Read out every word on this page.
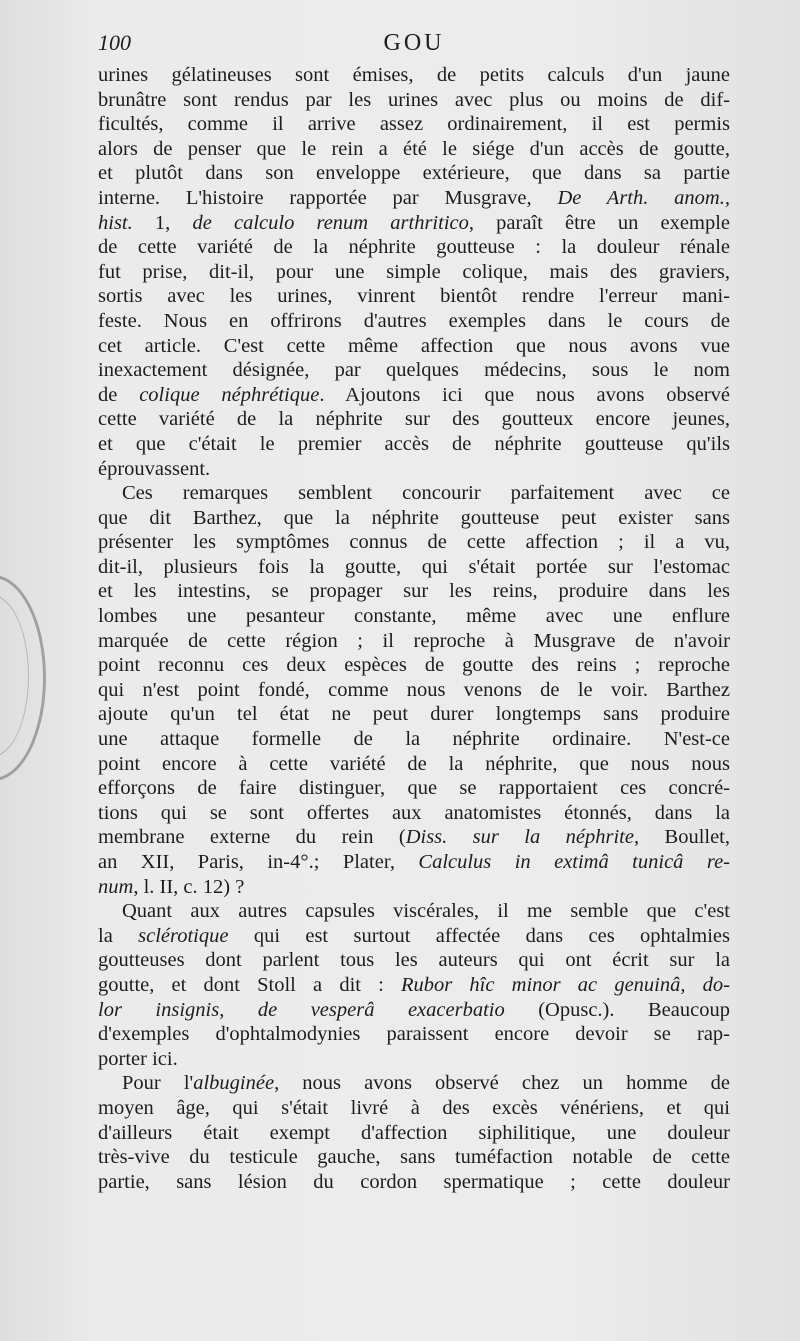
100	GOU
urines gélatineuses sont émises, de petits calculs d'un jaune
brunâtre sont rendus par les urines avec plus ou moins de dif-
ficultés, comme il arrive assez ordinairement, il est permis
alors de penser que le rein a été le siége d'un accès de goutte,
et plutôt dans son enveloppe extérieure, que dans sa partie
interne. L'histoire rapportée par Musgrave, De Arth. anom.,
hist. 1, de calculo renum arthritico, paraît être un exemple
de cette variété de la néphrite goutteuse : la douleur rénale
fut prise, dit-il, pour une simple colique, mais des graviers,
sortis avec les urines, vinrent bientôt rendre l'erreur mani-
feste. Nous en offrirons d'autres exemples dans le cours de
cet article. C'est cette même affection que nous avons vue
inexactement désignée, par quelques médecins, sous le nom
de colique néphrétique. Ajoutons ici que nous avons observé
cette variété de la néphrite sur des goutteux encore jeunes,
et que c'était le premier accès de néphrite goutteuse qu'ils
éprouvassent.
Ces remarques semblent concourir parfaitement avec ce
que dit Barthez, que la néphrite goutteuse peut exister sans
présenter les symptômes connus de cette affection ; il a vu,
dit-il, plusieurs fois la goutte, qui s'était portée sur l'estomac
et les intestins, se propager sur les reins, produire dans les
lombes une pesanteur constante, même avec une enflure
marquée de cette région ; il reproche à Musgrave de n'avoir
point reconnu ces deux espèces de goutte des reins ; reproche
qui n'est point fondé, comme nous venons de le voir. Barthez
ajoute qu'un tel état ne peut durer longtemps sans produire
une attaque formelle de la néphrite ordinaire. N'est-ce
point encore à cette variété de la néphrite, que nous nous
efforçons de faire distinguer, que se rapportaient ces concré-
tions qui se sont offertes aux anatomistes étonnés, dans la
membrane externe du rein (Diss. sur la néphrite, Boullet,
an XII, Paris, in-4°.; Plater, Calculus in extimâ tunicâ re-
num, l. II, c. 12) ?
Quant aux autres capsules viscérales, il me semble que c'est
la sclérotique qui est surtout affectée dans ces ophtalmies
goutteuses dont parlent tous les auteurs qui ont écrit sur la
goutte, et dont Stoll a dit : Rubor hîc minor ac genuinâ, do-
lor insignis, de vesperâ exacerbatio (Opusc.). Beaucoup
d'exemples d'ophtalmodynies paraissent encore devoir se rap-
porter ici.
Pour l'albuginée, nous avons observé chez un homme de
moyen âge, qui s'était livré à des excès vénériens, et qui
d'ailleurs était exempt d'affection siphilitique, une douleur
très-vive du testicule gauche, sans tuméfaction notable de cette
partie, sans lésion du cordon spermatique ; cette douleur
